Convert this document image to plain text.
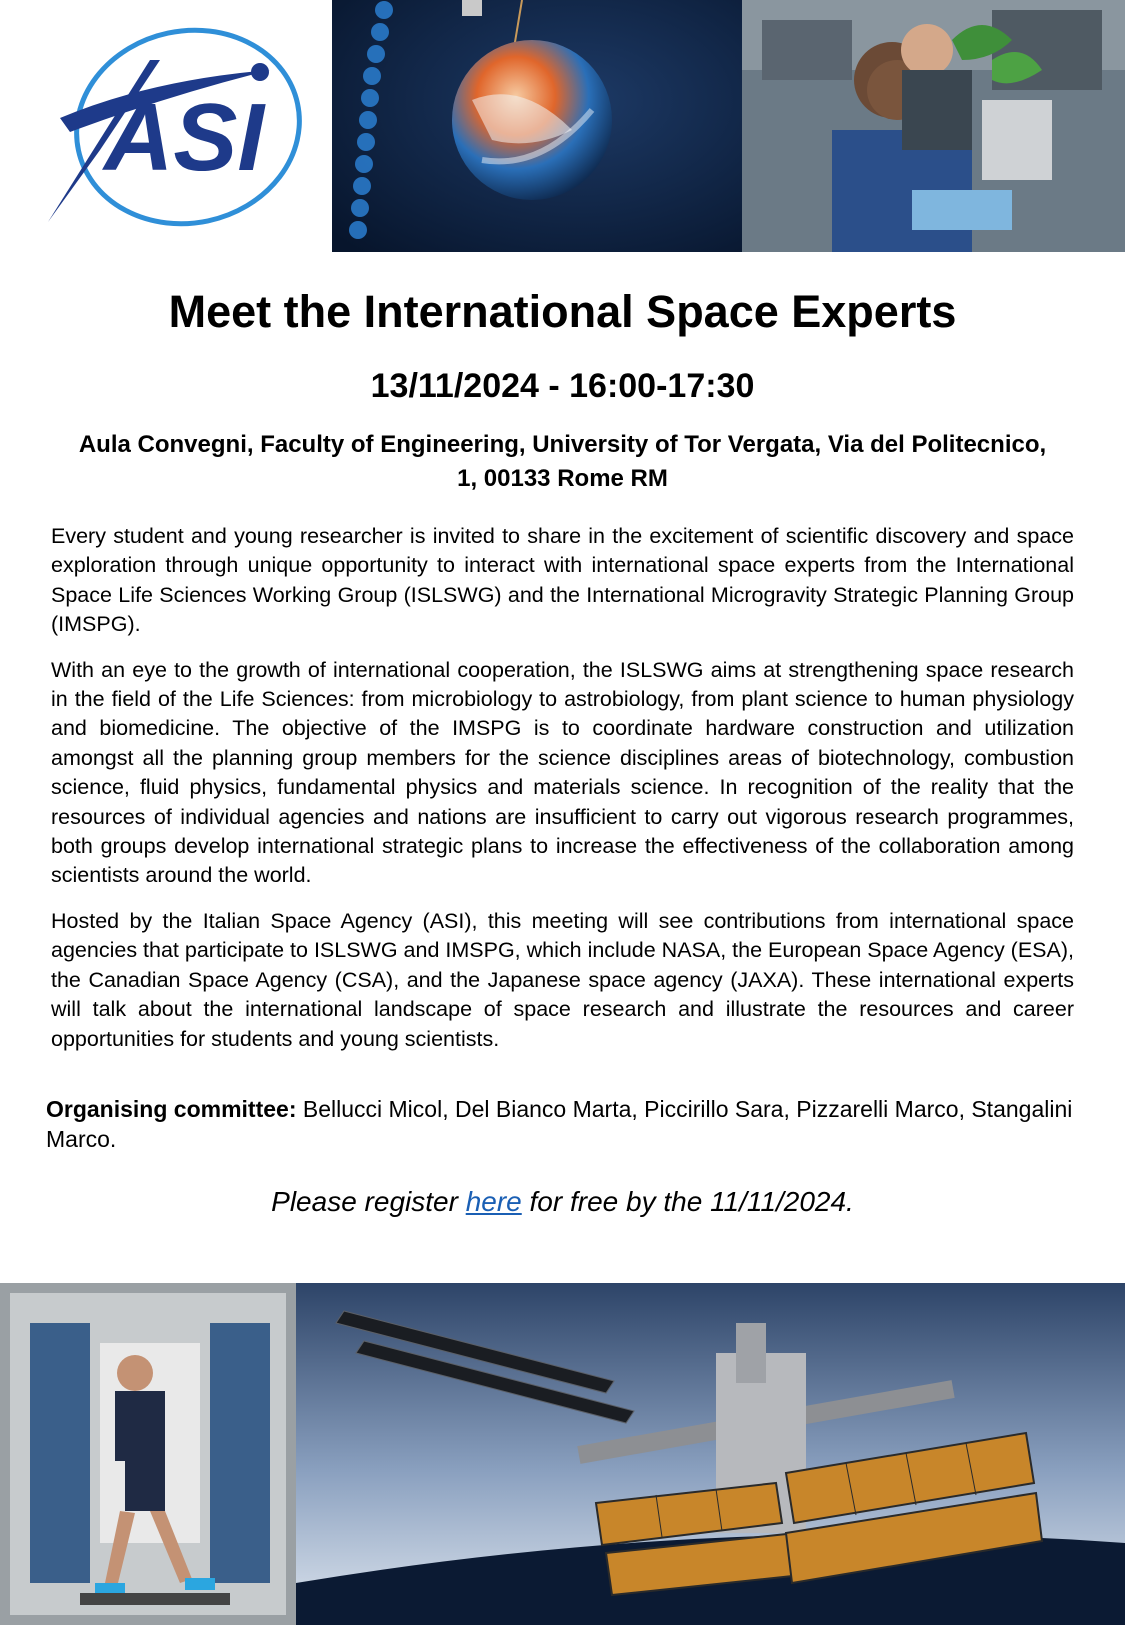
ASI
Meet the International Space Experts
13/11/2024 - 16:00-17:30
Aula Convegni, Faculty of Engineering, University of Tor Vergata, Via del Politecnico, 1, 00133 Rome RM

Every student and young researcher is invited to share in the excitement of scientific discovery and space exploration through unique opportunity to interact with international space experts from the International Space Life Sciences Working Group (ISLSWG) and the International Microgravity Strategic Planning Group (IMSPG).

With an eye to the growth of international cooperation, the ISLSWG aims at strengthening space research in the field of the Life Sciences: from microbiology to astrobiology, from plant science to human physiology and biomedicine. The objective of the IMSPG is to coordinate hardware construction and utilization amongst all the planning group members for the science disciplines areas of biotechnology, combustion science, fluid physics, fundamental physics and materials science. In recognition of the reality that the resources of individual agencies and nations are insufficient to carry out vigorous research programmes, both groups develop international strategic plans to increase the effectiveness of the collaboration among scientists around the world.

Hosted by the Italian Space Agency (ASI), this meeting will see contributions from international space agencies that participate to ISLSWG and IMSPG, which include NASA, the European Space Agency (ESA), the Canadian Space Agency (CSA), and the Japanese space agency (JAXA). These international experts will talk about the international landscape of space research and illustrate the resources and career opportunities for students and young scientists.

Organising committee: Bellucci Micol, Del Bianco Marta, Piccirillo Sara, Pizzarelli Marco, Stangalini Marco.
Please register here for free by the 11/11/2024.
